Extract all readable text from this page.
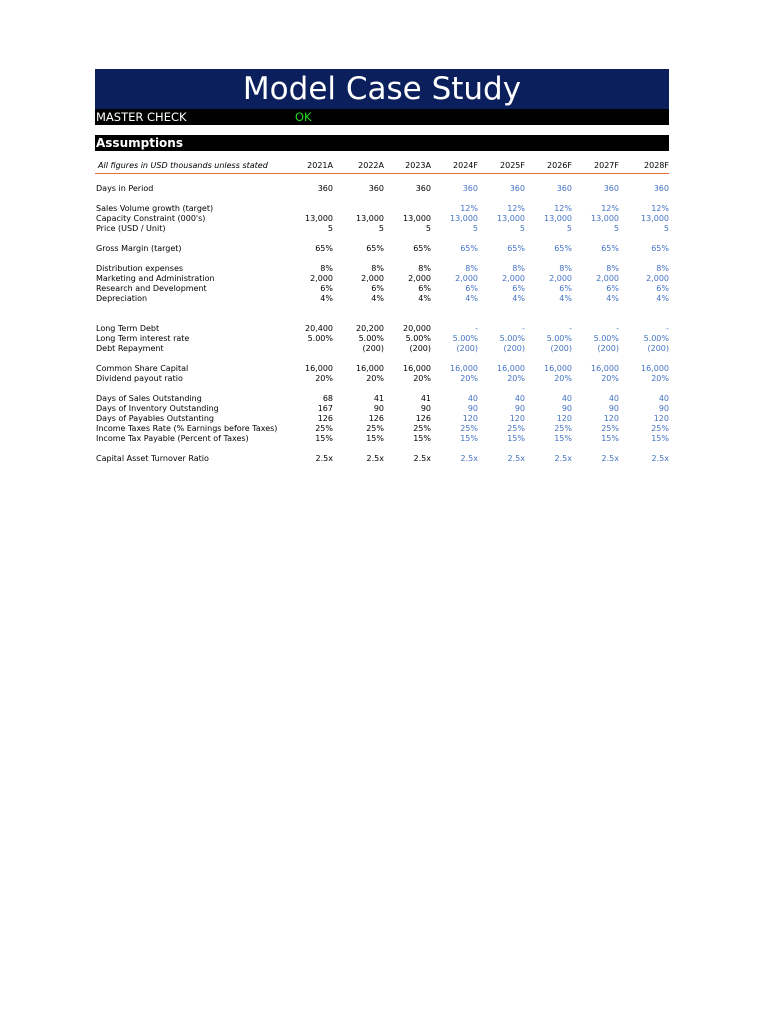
Model Case Study
MASTER CHECK	OK
Assumptions
All figures in USD thousands unless stated	2021A	2022A	2023A	2024F	2025F	2026F	2027F	2028F

Days in Period	360	360	360	360	360	360	360	360

Sales Volume growth (target)				12%	12%	12%	12%	12%
Capacity Constraint (000's)	13,000	13,000	13,000	13,000	13,000	13,000	13,000	13,000
Price (USD / Unit)	5	5	5	5	5	5	5	5

Gross Margin (target)	65%	65%	65%	65%	65%	65%	65%	65%

Distribution expenses	8%	8%	8%	8%	8%	8%	8%	8%
Marketing and Administration	2,000	2,000	2,000	2,000	2,000	2,000	2,000	2,000
Research and Development	6%	6%	6%	6%	6%	6%	6%	6%
Depreciation	4%	4%	4%	4%	4%	4%	4%	4%

Long Term Debt	20,400	20,200	20,000	-	-	-	-	-
Long Term interest rate	5.00%	5.00%	5.00%	5.00%	5.00%	5.00%	5.00%	5.00%
Debt Repayment		(200)	(200)	(200)	(200)	(200)	(200)	(200)

Common Share Capital	16,000	16,000	16,000	16,000	16,000	16,000	16,000	16,000
Dividend payout ratio	20%	20%	20%	20%	20%	20%	20%	20%

Days of Sales Outstanding	68	41	41	40	40	40	40	40
Days of Inventory Outstanding	167	90	90	90	90	90	90	90
Days of Payables Outstanting	126	126	126	120	120	120	120	120
Income Taxes Rate (% Earnings before Taxes)	25%	25%	25%	25%	25%	25%	25%	25%
Income Tax Payable (Percent of Taxes)	15%	15%	15%	15%	15%	15%	15%	15%

Capital Asset Turnover Ratio	2.5x	2.5x	2.5x	2.5x	2.5x	2.5x	2.5x	2.5x
